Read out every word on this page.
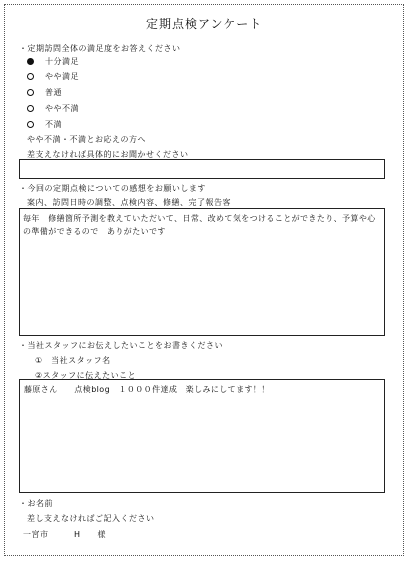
定期点検アンケート
・定期訪問全体の満足度をお答えください
十分満足
やや満足
普通
やや不満
不満
やや不満・不満とお応えの方へ
差支えなければ具体的にお聞かせください
・今回の定期点検についての感想をお願いします
案内、訪問日時の調整、点検内容、修繕、完了報告客
毎年　修繕箇所予測を教えていただいて、日常、改めて気をつけることができたり、予算や心の準備ができるので　ありがたいです
・当社スタッフにお伝えしたいことをお書きください
①　当社スタッフ名
②スタッフに伝えたいこと
藤原さん　　点検blog　１０００件達成　楽しみにしてます！！
・お名前
差し支えなければご記入ください
一宮市　　　H　　様
